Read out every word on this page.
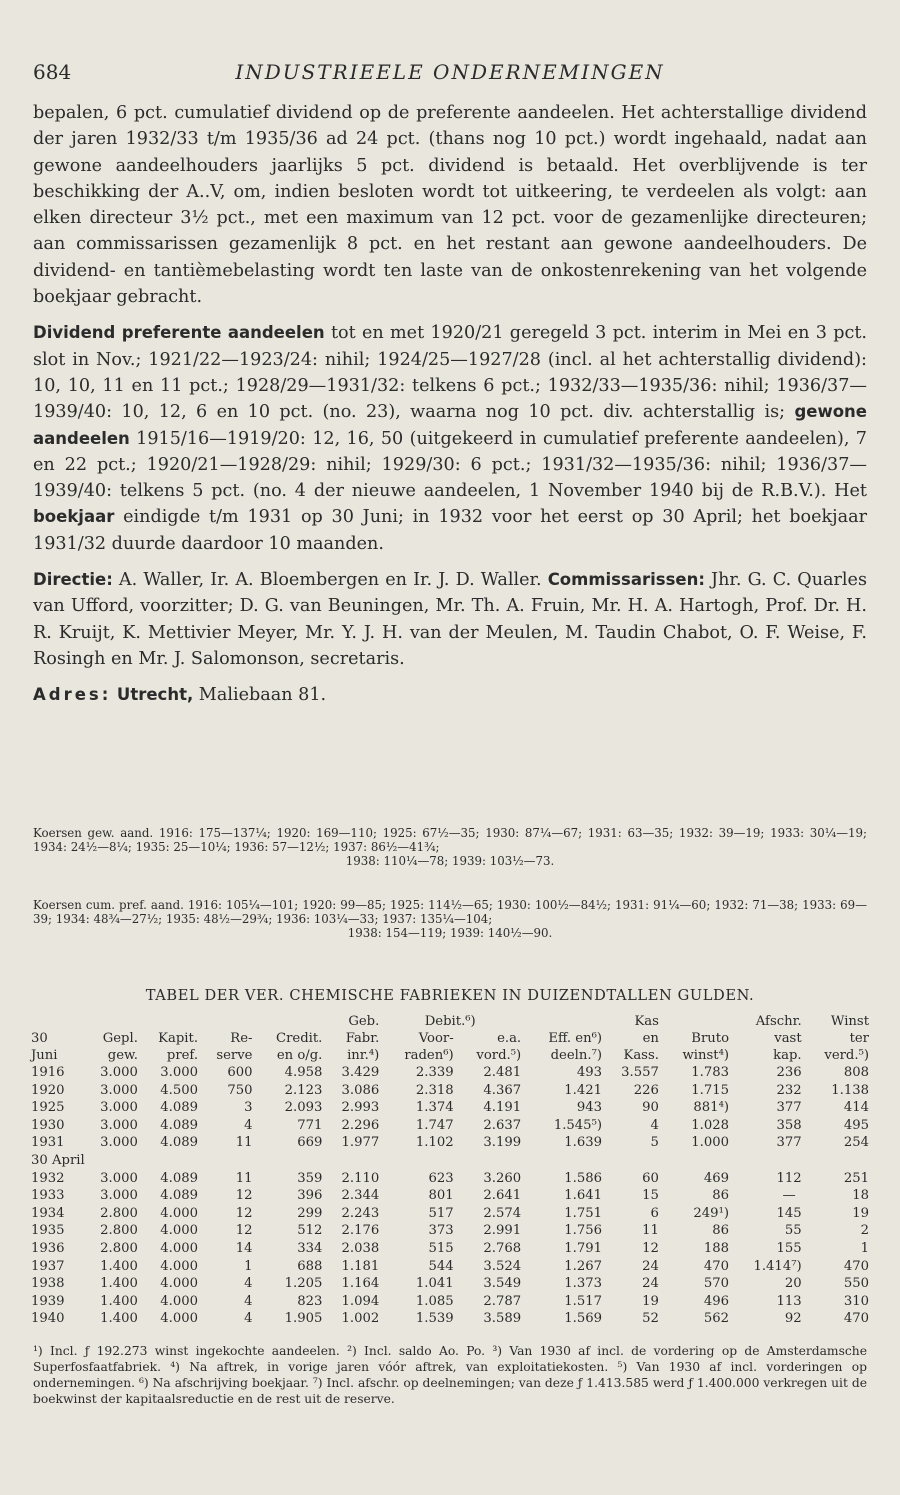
684	INDUSTRIEELE ONDERNEMINGEN

bepalen, 6 pct. cumulatief dividend op de preferente aandeelen. Het achterstallige dividend der jaren 1932/33 t/m 1935/36 ad 24 pct. (thans nog 10 pct.) wordt ingehaald, nadat aan gewone aandeelhouders jaarlijks 5 pct. dividend is betaald. Het overblijvende is ter beschikking der A..V, om, indien besloten wordt tot uitkeering, te verdeelen als volgt: aan elken directeur 3½ pct., met een maximum van 12 pct. voor de gezamenlijke directeuren; aan commissarissen gezamenlijk 8 pct. en het restant aan gewone aandeelhouders. De dividend- en tantièmebelasting wordt ten laste van de onkostenrekening van het volgende boekjaar gebracht.

Dividend preferente aandeelen tot en met 1920/21 geregeld 3 pct. interim in Mei en 3 pct. slot in Nov.; 1921/22—1923/24: nihil; 1924/25—1927/28 (incl. al het achterstallig dividend): 10, 10, 11 en 11 pct.; 1928/29—1931/32: telkens 6 pct.; 1932/33—1935/36: nihil; 1936/37—1939/40: 10, 12, 6 en 10 pct. (no. 23), waarna nog 10 pct. div. achterstallig is; gewone aandeelen 1915/16—1919/20: 12, 16, 50 (uitgekeerd in cumulatief preferente aandeelen), 7 en 22 pct.; 1920/21—1928/29: nihil; 1929/30: 6 pct.; 1931/32—1935/36: nihil; 1936/37—1939/40: telkens 5 pct. (no. 4 der nieuwe aandeelen, 1 November 1940 bij de R.B.V.). Het boekjaar eindigde t/m 1931 op 30 Juni; in 1932 voor het eerst op 30 April; het boekjaar 1931/32 duurde daardoor 10 maanden.

Directie: A. Waller, Ir. A. Bloembergen en Ir. J. D. Waller. Commissarissen: Jhr. G. C. Quarles van Ufford, voorzitter; D. G. van Beuningen, Mr. Th. A. Fruin, Mr. H. A. Hartogh, Prof. Dr. H. R. Kruijt, K. Mettivier Meyer, Mr. Y. J. H. van der Meulen, M. Taudin Chabot, O. F. Weise, F. Rosingh en Mr. J. Salomonson, secretaris.

Adres: Utrecht, Maliebaan 81.

Koersen gew. aand. 1916: 175—137¼; 1920: 169—110; 1925: 67½—35; 1930: 87¼—67; 1931: 63—35; 1932: 39—19; 1933: 30¼—19; 1934: 24½—8¼; 1935: 25—10¼; 1936: 57—12½; 1937: 86½—41¾;
1938: 110¼—78; 1939: 103½—73.
Koersen cum. pref. aand. 1916: 105¼—101; 1920: 99—85; 1925: 114½—65; 1930: 100½—84½; 1931: 91¼—60; 1932: 71—38; 1933: 69—39; 1934: 48¾—27½; 1935: 48½—29¾; 1936: 103¼—33; 1937: 135¼—104;
1938: 154—119; 1939: 140½—90.
TABEL DER VER. CHEMISCHE FABRIEKEN IN DUIZENDTALLEN GULDEN.
					Geb.	Debit.⁶)			Kas		Afschr.	Winst
30	Gepl.	Kapit.	Re-	Credit.	Fabr.	Voor-	e.a.	Eff. en⁶)	en	Bruto	vast	ter
Juni	gew.	pref.	serve	en o/g.	inr.⁴)	raden⁶)	vord.⁵)	deeln.⁷)	Kass.	winst⁴)	kap.	verd.⁵)
1916	3.000	3.000	600	4.958	3.429	2.339	2.481	493	3.557	1.783	236	808
1920	3.000	4.500	750	2.123	3.086	2.318	4.367	1.421	226	1.715	232	1.138
1925	3.000	4.089	3	2.093	2.993	1.374	4.191	943	90	881⁴)	377	414
1930	3.000	4.089	4	771	2.296	1.747	2.637	1.545⁵)	4	1.028	358	495
1931	3.000	4.089	11	669	1.977	1.102	3.199	1.639	5	1.000	377	254
30 April												
1932	3.000	4.089	11	359	2.110	623	3.260	1.586	60	469	112	251
1933	3.000	4.089	12	396	2.344	801	2.641	1.641	15	86	—	18
1934	2.800	4.000	12	299	2.243	517	2.574	1.751	6	249¹)	145	19
1935	2.800	4.000	12	512	2.176	373	2.991	1.756	11	86	55	2
1936	2.800	4.000	14	334	2.038	515	2.768	1.791	12	188	155	1
1937	1.400	4.000	1	688	1.181	544	3.524	1.267	24	470	1.414⁷)	470
1938	1.400	4.000	4	1.205	1.164	1.041	3.549	1.373	24	570	20	550
1939	1.400	4.000	4	823	1.094	1.085	2.787	1.517	19	496	113	310
1940	1.400	4.000	4	1.905	1.002	1.539	3.589	1.569	52	562	92	470
¹) Incl. ƒ 192.273 winst ingekochte aandeelen. ²) Incl. saldo Ao. Po. ³) Van 1930 af incl. de vordering op de Amsterdamsche Superfosfaatfabriek. ⁴) Na aftrek, in vorige jaren vóór aftrek, van exploitatiekosten. ⁵) Van 1930 af incl. vorderingen op ondernemingen. ⁶) Na afschrijving boekjaar. ⁷) Incl. afschr. op deelnemingen; van deze ƒ 1.413.585 werd ƒ 1.400.000 verkregen uit de boekwinst der kapitaalsreductie en de rest uit de reserve.
